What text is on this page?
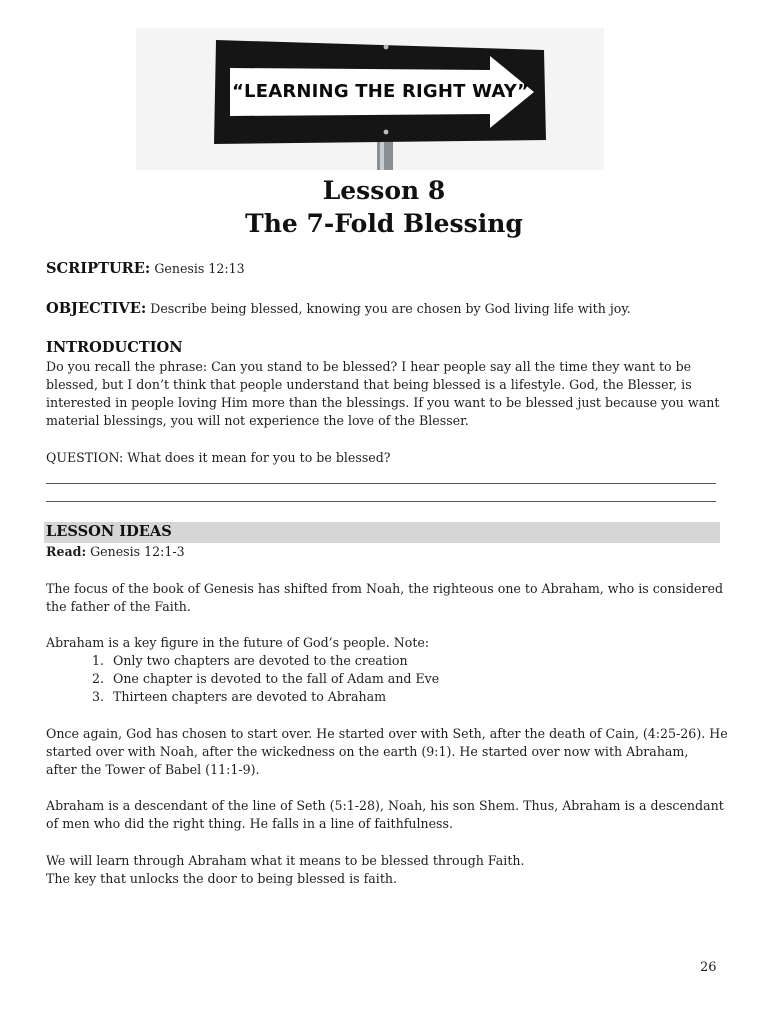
“LEARNING THE RIGHT WAY”
Lesson 8
The 7-Fold Blessing
SCRIPTURE: Genesis 12:13
OBJECTIVE: Describe being blessed, knowing you are chosen by God living life with joy.
INTRODUCTION
Do you recall the phrase: Can you stand to be blessed? I hear people say all the time they want to be
blessed, but I don’t think that people understand that being blessed is a lifestyle. God, the Blesser, is
interested in people loving Him more than the blessings. If you want to be blessed just because you want
material blessings, you will not experience the love of the Blesser.
QUESTION: What does it mean for you to be blessed?
LESSON IDEAS
Read: Genesis 12:1-3
The focus of the book of Genesis has shifted from Noah, the righteous one to Abraham, who is considered
the father of the Faith.
Abraham is a key figure in the future of God’s people. Note:
1. Only two chapters are devoted to the creation
2. One chapter is devoted to the fall of Adam and Eve
3. Thirteen chapters are devoted to Abraham
Once again, God has chosen to start over. He started over with Seth, after the death of Cain, (4:25-26). He
started over with Noah, after the wickedness on the earth (9:1). He started over now with Abraham,
after the Tower of Babel (11:1-9).
Abraham is a descendant of the line of Seth (5:1-28), Noah, his son Shem. Thus, Abraham is a descendant
of men who did the right thing. He falls in a line of faithfulness.
We will learn through Abraham what it means to be blessed through Faith.
The key that unlocks the door to being blessed is faith.
26
